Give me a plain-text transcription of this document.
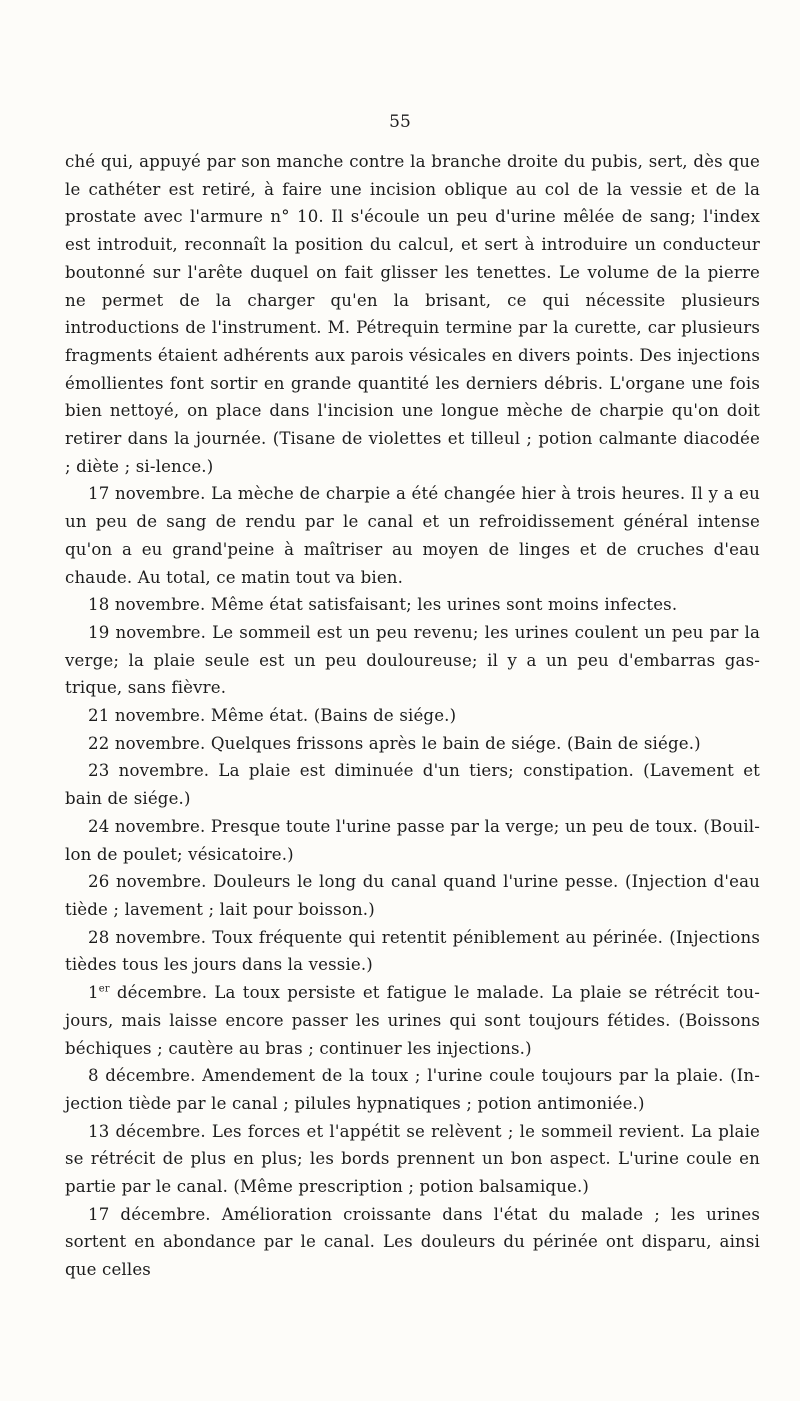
55

ché qui, appuyé par son manche contre la branche droite du pubis, sert, dès que le cathéter est retiré, à faire une incision oblique au col de la vessie et de la prostate avec l'armure n° 10. Il s'écoule un peu d'urine mêlée de sang; l'index est introduit, reconnaît la position du calcul, et sert à introduire un conducteur boutonné sur l'arête duquel on fait glisser les tenettes. Le volume de la pierre ne permet de la charger qu'en la brisant, ce qui nécessite plusieurs introductions de l'instrument. M. Pétrequin termine par la curette, car plusieurs fragments étaient adhérents aux parois vésicales en divers points. Des injections émollientes font sortir en grande quantité les derniers débris. L'organe une fois bien nettoyé, on place dans l'incision une longue mèche de charpie qu'on doit retirer dans la journée. (Tisane de violettes et tilleul ; potion calmante diacodée ; diète ; si-lence.)

17 novembre. La mèche de charpie a été changée hier à trois heures. Il y a eu un peu de sang de rendu par le canal et un refroidissement général intense qu'on a eu grand'peine à maîtriser au moyen de linges et de cruches d'eau chaude. Au total, ce matin tout va bien.

18 novembre. Même état satisfaisant; les urines sont moins infectes.

19 novembre. Le sommeil est un peu revenu; les urines coulent un peu par la verge; la plaie seule est un peu douloureuse; il y a un peu d'embarras gas-trique, sans fièvre.

21 novembre. Même état. (Bains de siége.)

22 novembre. Quelques frissons après le bain de siége. (Bain de siége.)

23 novembre. La plaie est diminuée d'un tiers; constipation. (Lavement et bain de siége.)

24 novembre. Presque toute l'urine passe par la verge; un peu de toux. (Bouil-lon de poulet; vésicatoire.)

26 novembre. Douleurs le long du canal quand l'urine pesse. (Injection d'eau tiède ; lavement ; lait pour boisson.)

28 novembre. Toux fréquente qui retentit péniblement au périnée. (Injections tièdes tous les jours dans la vessie.)

1er décembre. La toux persiste et fatigue le malade. La plaie se rétrécit tou-jours, mais laisse encore passer les urines qui sont toujours fétides. (Boissons béchiques ; cautère au bras ; continuer les injections.)

8 décembre. Amendement de la toux ; l'urine coule toujours par la plaie. (In-jection tiède par le canal ; pilules hypnatiques ; potion antimoniée.)

13 décembre. Les forces et l'appétit se relèvent ; le sommeil revient. La plaie se rétrécit de plus en plus; les bords prennent un bon aspect. L'urine coule en partie par le canal. (Même prescription ; potion balsamique.)

17 décembre. Amélioration croissante dans l'état du malade ; les urines sortent en abondance par le canal. Les douleurs du périnée ont disparu, ainsi que celles
